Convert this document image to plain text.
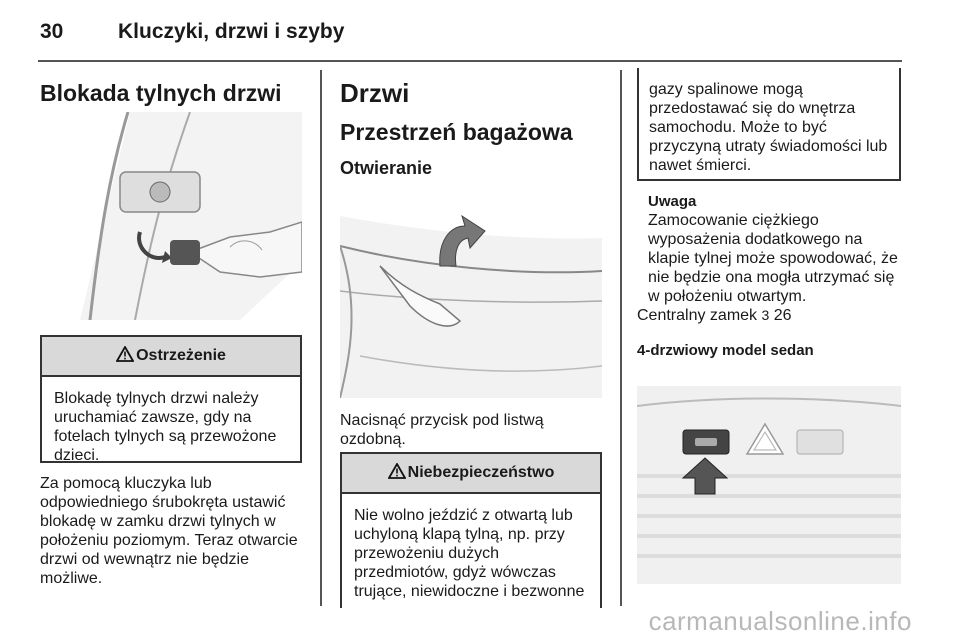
30	Kluczyki, drzwi i szyby
Blokada tylnych drzwi
Ostrzeżenie
Blokadę tylnych drzwi należy
uruchamiać zawsze, gdy na
fotelach tylnych są przewożone
dzieci.
Za pomocą kluczyka lub
odpowiedniego śrubokręta ustawić
blokadę w zamku drzwi tylnych w
położeniu poziomym. Teraz otwarcie
drzwi od wewnątrz nie będzie
możliwe.
Drzwi
Przestrzeń bagażowa
Otwieranie
Nacisnąć przycisk pod listwą
ozdobną.
Niebezpieczeństwo
Nie wolno jeździć z otwartą lub
uchyloną klapą tylną, np. przy
przewożeniu dużych
przedmiotów, gdyż wówczas
trujące, niewidoczne i bezwonne
gazy spalinowe mogą
przedostawać się do wnętrza
samochodu. Może to być
przyczyną utraty świadomości lub
nawet śmierci.
Uwaga
Zamocowanie ciężkiego
wyposażenia dodatkowego na
klapie tylnej może spowodować, że
nie będzie ona mogła utrzymać się
w położeniu otwartym.
Centralny zamek 3 26
4-drzwiowy model sedan
carmanualsonline.info
